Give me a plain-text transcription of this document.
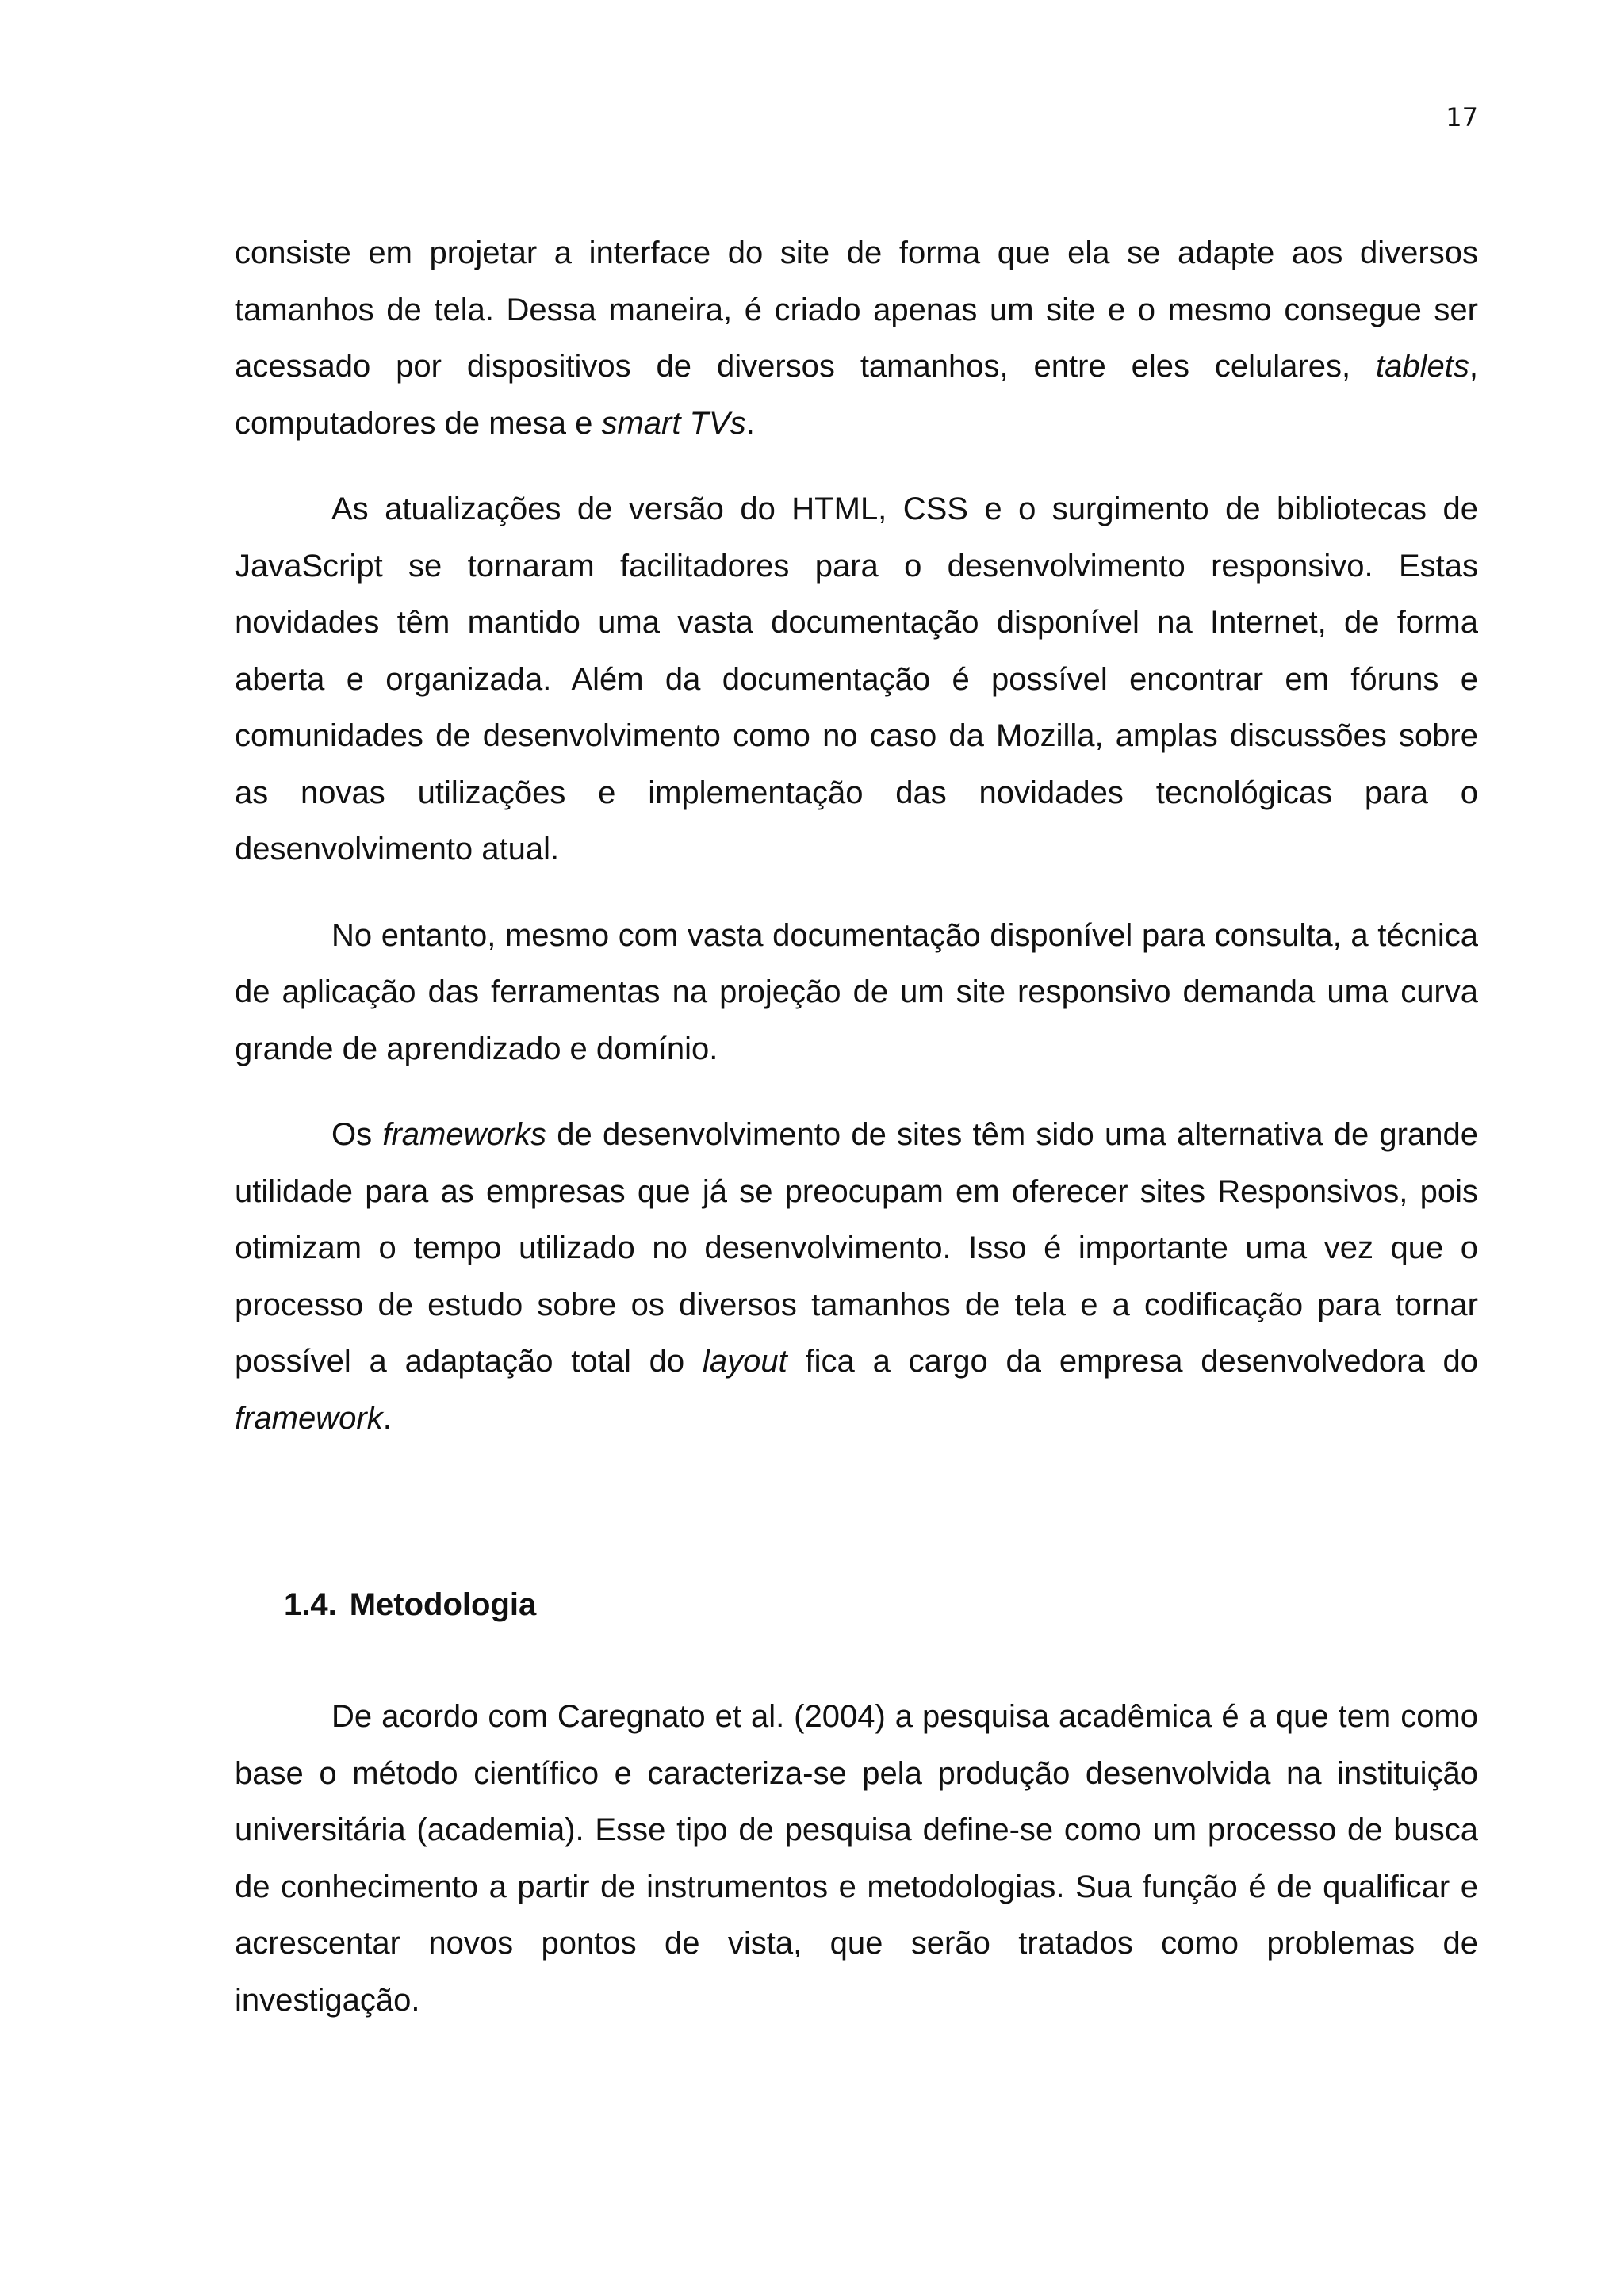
17

consiste em projetar a interface do site de forma que ela se adapte aos diversos tamanhos de tela. Dessa maneira, é criado apenas um site e o mesmo consegue ser acessado por dispositivos de diversos tamanhos, entre eles celulares, tablets, computadores de mesa e smart TVs.

As atualizações de versão do HTML, CSS e o surgimento de bibliotecas de JavaScript se tornaram facilitadores para o desenvolvimento responsivo. Estas novidades têm mantido uma vasta documentação disponível na Internet, de forma aberta e organizada. Além da documentação é possível encontrar em fóruns e comunidades de desenvolvimento como no caso da Mozilla, amplas discussões sobre as novas utilizações e implementação das novidades tecnológicas para o desenvolvimento atual.

No entanto, mesmo com vasta documentação disponível para consulta, a técnica de aplicação das ferramentas na projeção de um site responsivo demanda uma curva grande de aprendizado e domínio.

Os frameworks de desenvolvimento de sites têm sido uma alternativa de grande utilidade para as empresas que já se preocupam em oferecer sites Responsivos, pois otimizam o tempo utilizado no desenvolvimento. Isso é importante uma vez que o processo de estudo sobre os diversos tamanhos de tela e a codificação para tornar possível a adaptação total do layout fica a cargo da empresa desenvolvedora do framework.

1.4. Metodologia

De acordo com Caregnato et al. (2004) a pesquisa acadêmica é a que tem como base o método científico e caracteriza-se pela produção desenvolvida na instituição universitária (academia). Esse tipo de pesquisa define-se como um processo de busca de conhecimento a partir de instrumentos e metodologias. Sua função é de qualificar e acrescentar novos pontos de vista, que serão tratados como problemas de investigação.
